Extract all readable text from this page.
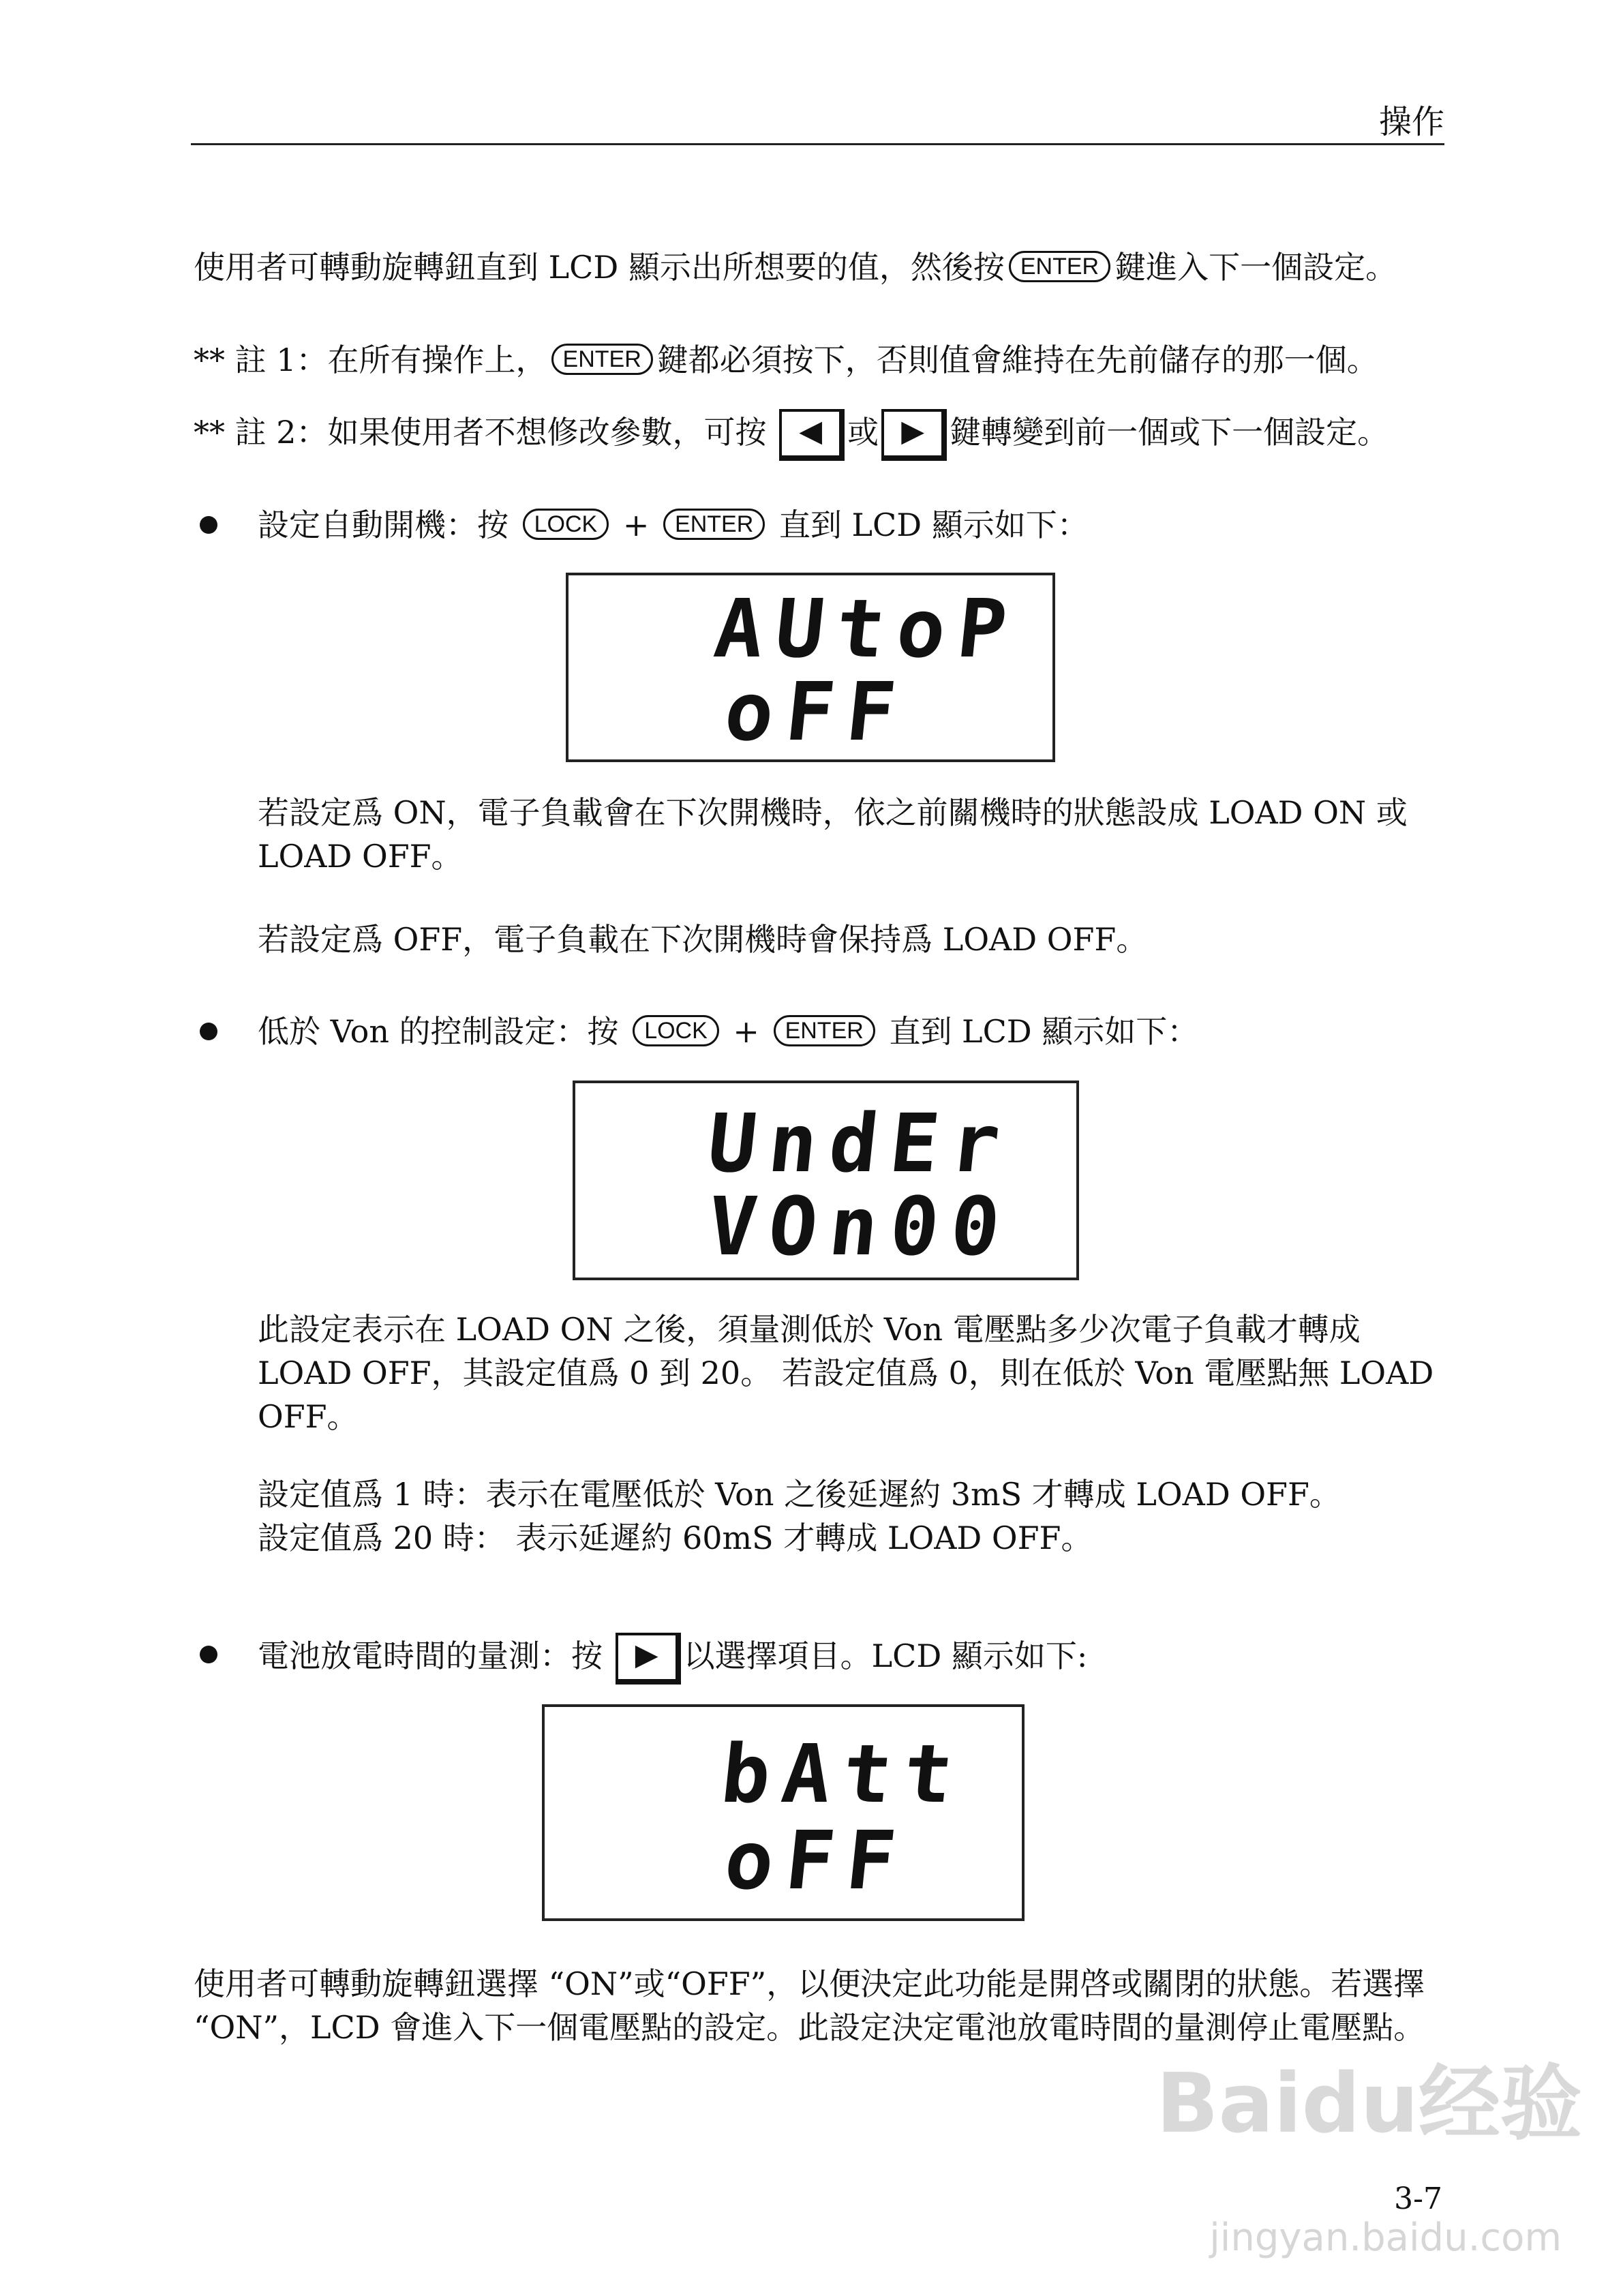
操作
使用者可轉動旋轉鈕直到 LCD 顯示出所想要的值，然後按 ENTER 鍵進入下一個設定。
** 註 1：在所有操作上， ENTER 鍵都必須按下，否則值會維持在先前儲存的那一個。
** 註 2：如果使用者不想修改參數，可按	◀ 或 ▶ 鍵轉變到前一個或下一個設定。
設定自動開機：按 LOCK + ENTER 直到 LCD 顯示如下：
AUtoP
oFF
若設定爲 ON，電子負載會在下次開機時，依之前關機時的狀態設成 LOAD ON 或 LOAD OFF。
若設定爲 OFF，電子負載在下次開機時會保持爲 LOAD OFF。
低於 Von 的控制設定：按 LOCK + ENTER 直到 LCD 顯示如下：
UndEr
VOn00
此設定表示在 LOAD ON 之後，須量測低於 Von 電壓點多少次電子負載才轉成 LOAD OFF，其設定值爲 0 到 20。 若設定值爲 0，則在低於 Von 電壓點無 LOAD OFF。
設定值爲 1 時：表示在電壓低於 Von 之後延遲約 3mS 才轉成 LOAD OFF。
設定值爲 20 時： 表示延遲約 60mS 才轉成 LOAD OFF。
電池放電時間的量測：按	▶ 以選擇項目。LCD 顯示如下:
bAtt
oFF
使用者可轉動旋轉鈕選擇 “ON”或“OFF”，以便決定此功能是開啓或關閉的狀態。若選擇 “ON”，LCD 會進入下一個電壓點的設定。此設定決定電池放電時間的量測停止電壓點。
3-7
Baidu经验
jingyan.baidu.com
